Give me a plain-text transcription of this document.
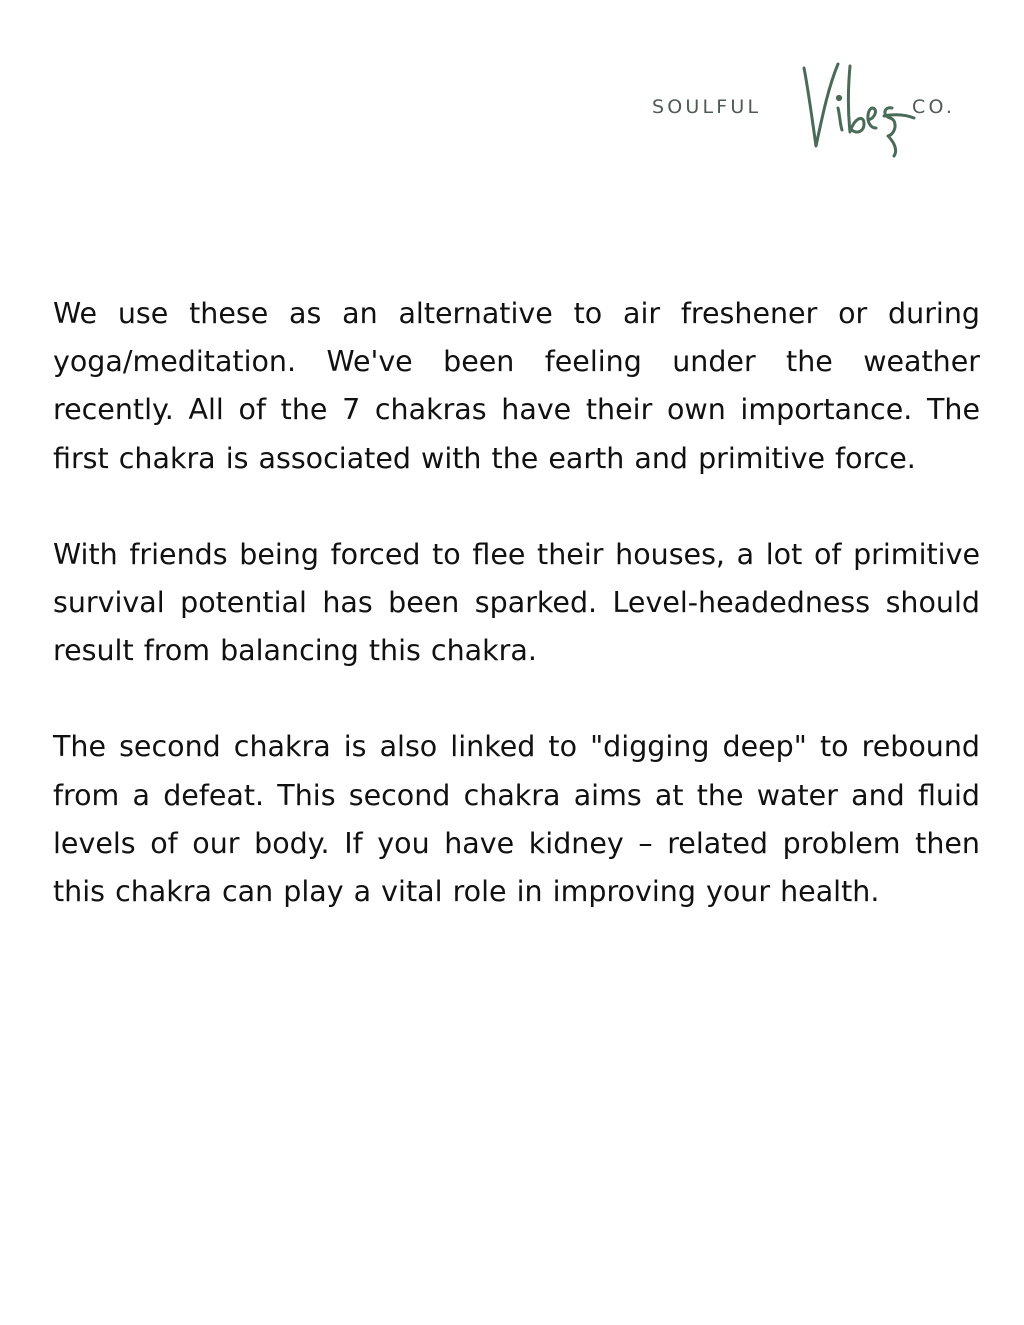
SOULFUL	CO.

We use these as an alternative to air freshener or during yoga/meditation. We've been feeling under the weather recently. All of the 7 chakras have their own importance. The first chakra is associated with the earth and primitive force.

With friends being forced to flee their houses, a lot of primitive survival potential has been sparked. Level-headedness should result from balancing this chakra.

The second chakra is also linked to "digging deep" to rebound from a defeat. This second chakra aims at the water and fluid levels of our body. If you have kidney – related problem then this chakra can play a vital role in improving your health.
